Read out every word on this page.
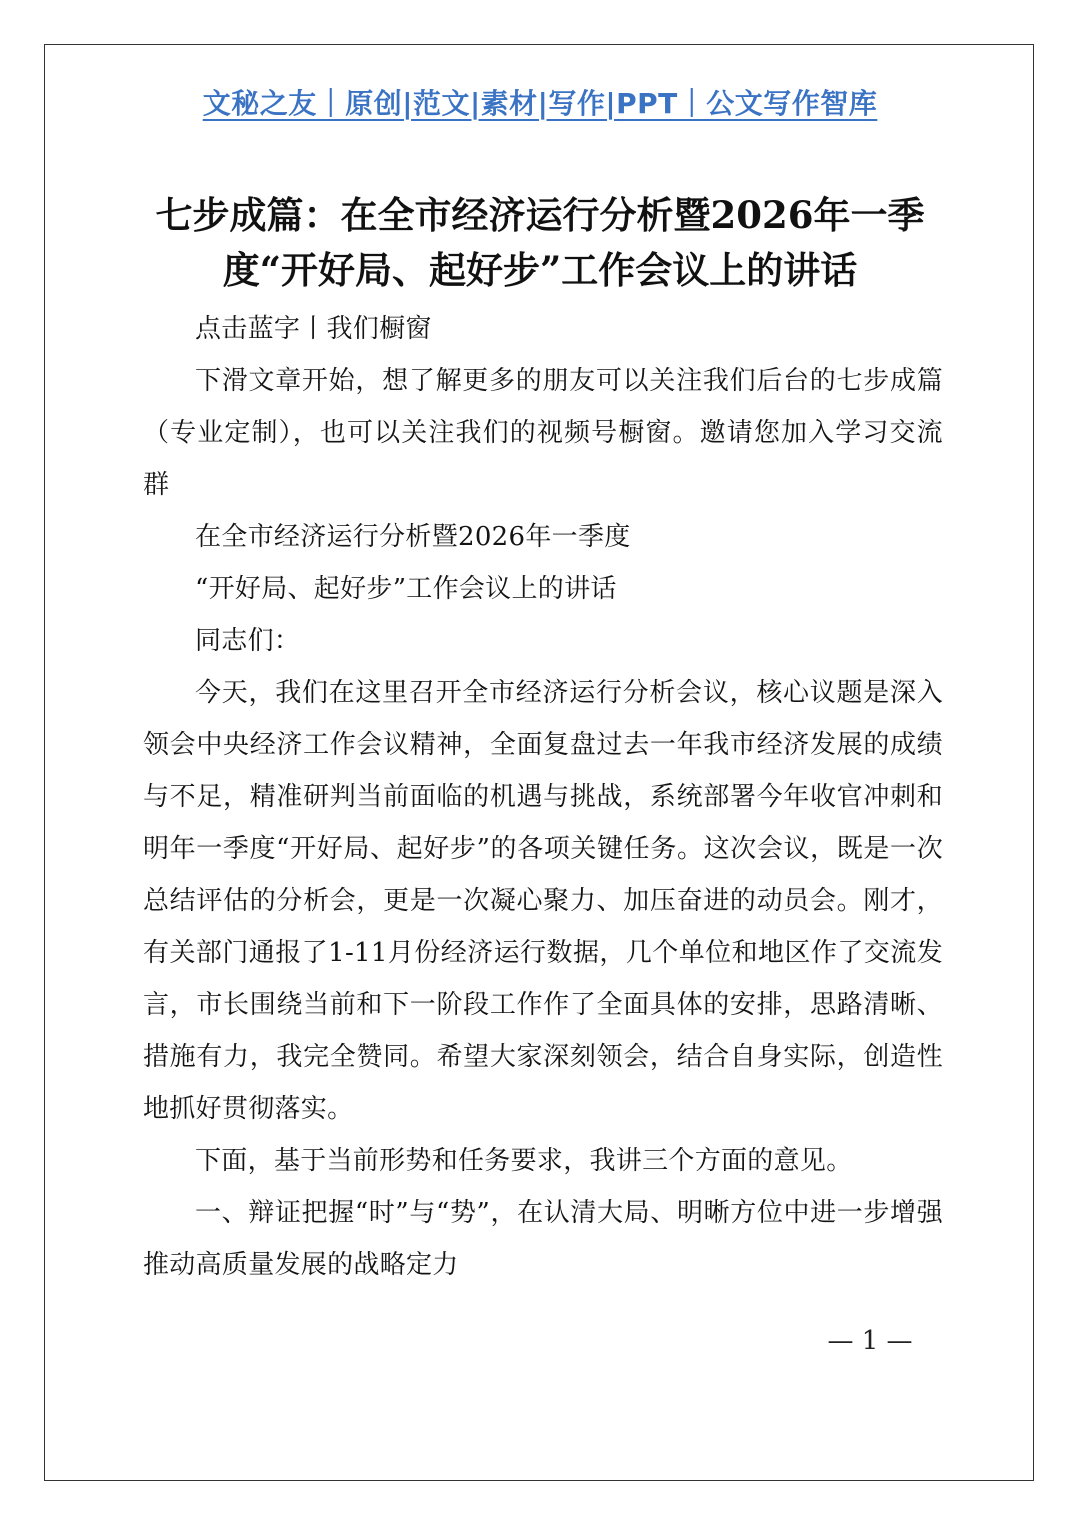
文秘之友｜原创|范文|素材|写作|PPT｜公文写作智库
七步成篇：在全市经济运行分析暨2026年一季度“开好局、起好步”工作会议上的讲话

点击蓝字丨我们橱窗

下滑文章开始，想了解更多的朋友可以关注我们后台的七步成篇（专业定制），也可以关注我们的视频号橱窗。邀请您加入学习交流群

在全市经济运行分析暨2026年一季度

“开好局、起好步”工作会议上的讲话

同志们：

今天，我们在这里召开全市经济运行分析会议，核心议题是深入领会中央经济工作会议精神，全面复盘过去一年我市经济发展的成绩与不足，精准研判当前面临的机遇与挑战，系统部署今年收官冲刺和明年一季度“开好局、起好步”的各项关键任务。这次会议，既是一次总结评估的分析会，更是一次凝心聚力、加压奋进的动员会。刚才，有关部门通报了1-11月份经济运行数据，几个单位和地区作了交流发言，市长围绕当前和下一阶段工作作了全面具体的安排，思路清晰、措施有力，我完全赞同。希望大家深刻领会，结合自身实际，创造性地抓好贯彻落实。

下面，基于当前形势和任务要求，我讲三个方面的意见。

一、辩证把握“时”与“势”，在认清大局、明晰方位中进一步增强推动高质量发展的战略定力

— 1 —
